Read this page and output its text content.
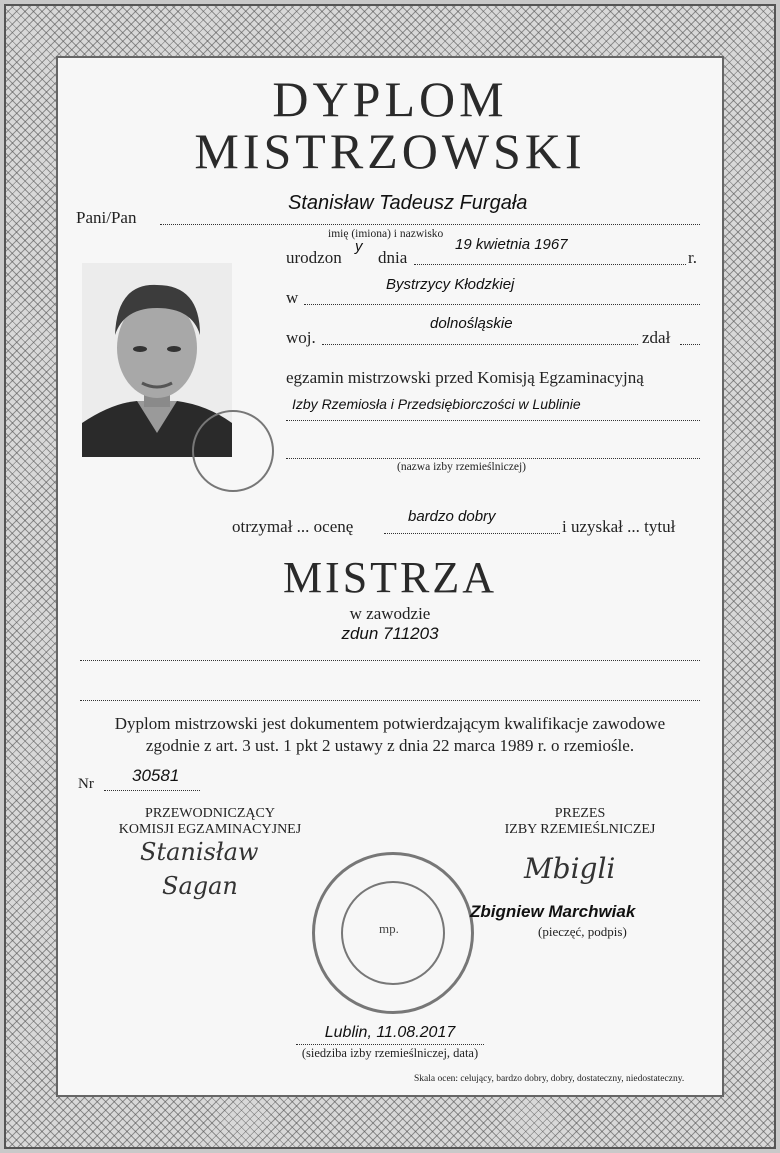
DYPLOM
MISTRZOWSKI
Pani/Pan
Stanisław Tadeusz Furgała
imię (imiona) i nazwisko
urodzon
y
dnia
19 kwietnia 1967
r.
w
Bystrzycy Kłodzkiej
woj.
dolnośląskie
zdał
egzamin mistrzowski przed Komisją Egzaminacyjną
Izby Rzemiosła i Przedsiębiorczości w Lublinie
(nazwa izby rzemieślniczej)
otrzymał ... ocenę
bardzo dobry
i uzyskał ... tytuł
MISTRZA
w zawodzie
zdun 711203
Dyplom mistrzowski jest dokumentem potwierdzającym kwalifikacje zawodowe
zgodnie z art. 3 ust. 1 pkt 2 ustawy z dnia 22 marca 1989 r. o rzemiośle.
Nr 30581
PRZEWODNICZĄCY
KOMISJI EGZAMINACYJNEJ
Stanisław
Sagan
mp.
PREZES
IZBY RZEMIEŚLNICZEJ
Mbigli
Zbigniew Marchwiak
(pieczęć, podpis)
Lublin, 11.08.2017
(siedziba izby rzemieślniczej, data)
Skala ocen: celujący, bardzo dobry, dobry, dostateczny, niedostateczny.
